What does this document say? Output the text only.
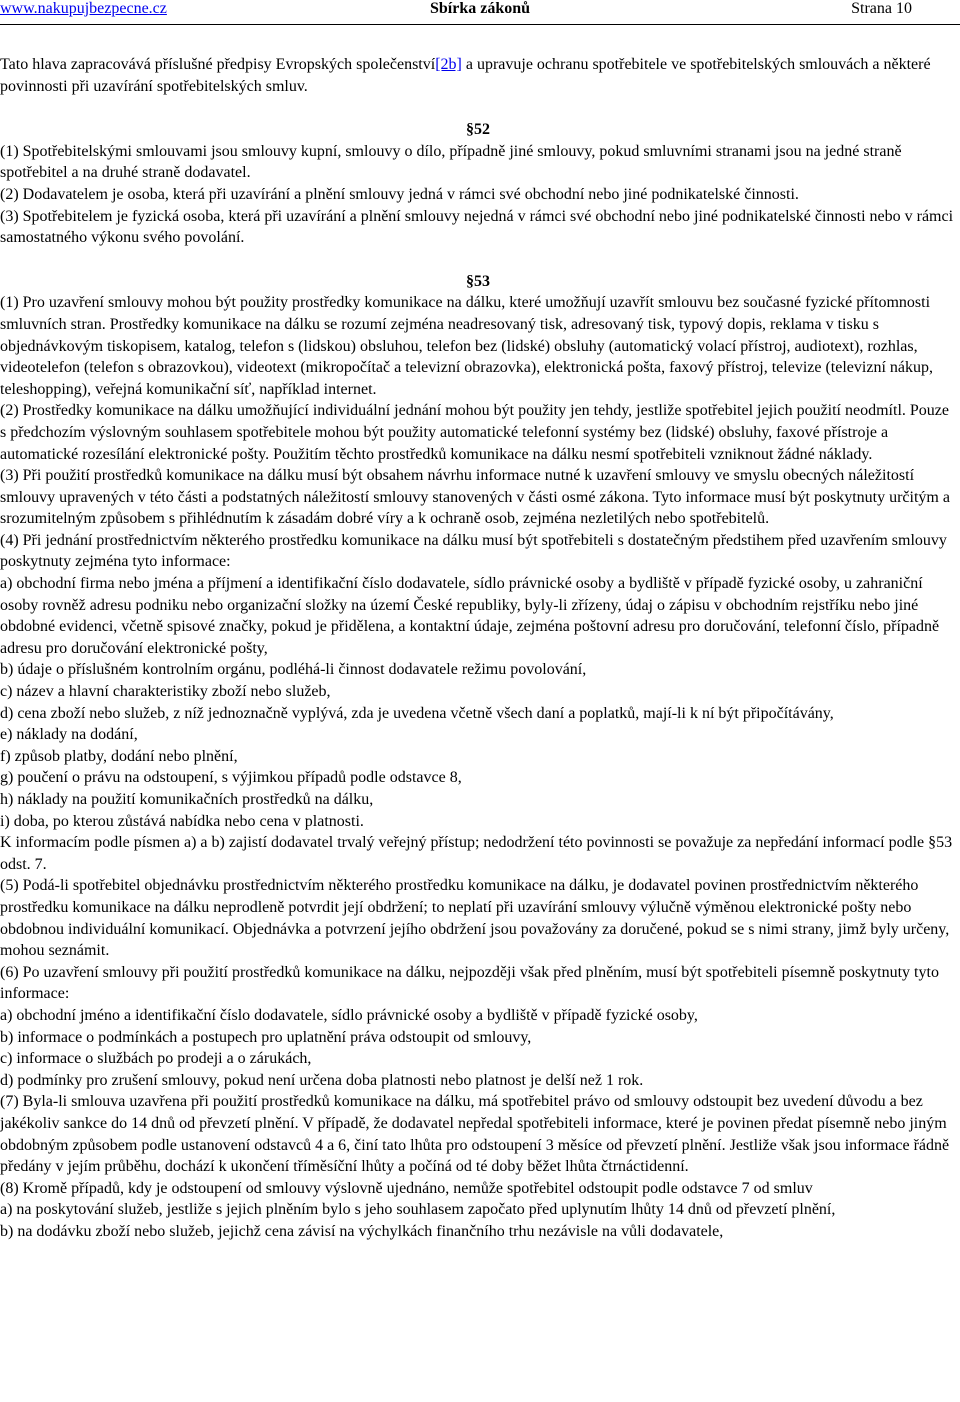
www.nakupujbezpecne.cz	Sbírka zákonů	Strana 10

Tato hlava zapracovává příslušné předpisy Evropských společenství[2b] a upravuje ochranu spotřebitele ve spotřebitelských smlouvách a některé povinnosti při uzavírání spotřebitelských smluv.

§52

(1) Spotřebitelskými smlouvami jsou smlouvy kupní, smlouvy o dílo, případně jiné smlouvy, pokud smluvními stranami jsou na jedné straně spotřebitel a na druhé straně dodavatel.

(2) Dodavatelem je osoba, která při uzavírání a plnění smlouvy jedná v rámci své obchodní nebo jiné podnikatelské činnosti.

(3) Spotřebitelem je fyzická osoba, která při uzavírání a plnění smlouvy nejedná v rámci své obchodní nebo jiné podnikatelské činnosti nebo v rámci samostatného výkonu svého povolání.

§53

(1) Pro uzavření smlouvy mohou být použity prostředky komunikace na dálku, které umožňují uzavřít smlouvu bez současné fyzické přítomnosti smluvních stran. Prostředky komunikace na dálku se rozumí zejména neadresovaný tisk, adresovaný tisk, typový dopis, reklama v tisku s objednávkovým tiskopisem, katalog, telefon s (lidskou) obsluhou, telefon bez (lidské) obsluhy (automatický volací přístroj, audiotext), rozhlas, videotelefon (telefon s obrazovkou), videotext (mikropočítač a televizní obrazovka), elektronická pošta, faxový přístroj, televize (televizní nákup, teleshopping), veřejná komunikační síť, například internet.

(2) Prostředky komunikace na dálku umožňující individuální jednání mohou být použity jen tehdy, jestliže spotřebitel jejich použití neodmítl. Pouze s předchozím výslovným souhlasem spotřebitele mohou být použity automatické telefonní systémy bez (lidské) obsluhy, faxové přístroje a automatické rozesílání elektronické pošty. Použitím těchto prostředků komunikace na dálku nesmí spotřebiteli vzniknout žádné náklady.

(3) Při použití prostředků komunikace na dálku musí být obsahem návrhu informace nutné k uzavření smlouvy ve smyslu obecných náležitostí smlouvy upravených v této části a podstatných náležitostí smlouvy stanovených v části osmé zákona. Tyto informace musí být poskytnuty určitým a srozumitelným způsobem s přihlédnutím k zásadám dobré víry a k ochraně osob, zejména nezletilých nebo spotřebitelů.

(4) Při jednání prostřednictvím některého prostředku komunikace na dálku musí být spotřebiteli s dostatečným předstihem před uzavřením smlouvy poskytnuty zejména tyto informace:

a) obchodní firma nebo jména a příjmení a identifikační číslo dodavatele, sídlo právnické osoby a bydliště v případě fyzické osoby, u zahraniční osoby rovněž adresu podniku nebo organizační složky na území České republiky, byly-li zřízeny, údaj o zápisu v obchodním rejstříku nebo jiné obdobné evidenci, včetně spisové značky, pokud je přidělena, a kontaktní údaje, zejména poštovní adresu pro doručování, telefonní číslo, případně adresu pro doručování elektronické pošty,

b) údaje o příslušném kontrolním orgánu, podléhá-li činnost dodavatele režimu povolování,

c) název a hlavní charakteristiky zboží nebo služeb,

d) cena zboží nebo služeb, z níž jednoznačně vyplývá, zda je uvedena včetně všech daní a poplatků, mají-li k ní být připočítávány,

e) náklady na dodání,

f) způsob platby, dodání nebo plnění,

g) poučení o právu na odstoupení, s výjimkou případů podle odstavce 8,

h) náklady na použití komunikačních prostředků na dálku,

i) doba, po kterou zůstává nabídka nebo cena v platnosti.

K informacím podle písmen a) a b) zajistí dodavatel trvalý veřejný přístup; nedodržení této povinnosti se považuje za nepředání informací podle §53 odst. 7.

(5) Podá-li spotřebitel objednávku prostřednictvím některého prostředku komunikace na dálku, je dodavatel povinen prostřednictvím některého prostředku komunikace na dálku neprodleně potvrdit její obdržení; to neplatí při uzavírání smlouvy výlučně výměnou elektronické pošty nebo obdobnou individuální komunikací. Objednávka a potvrzení jejího obdržení jsou považovány za doručené, pokud se s nimi strany, jimž byly určeny, mohou seznámit.

(6) Po uzavření smlouvy při použití prostředků komunikace na dálku, nejpozději však před plněním, musí být spotřebiteli písemně poskytnuty tyto informace:

a) obchodní jméno a identifikační číslo dodavatele, sídlo právnické osoby a bydliště v případě fyzické osoby,

b) informace o podmínkách a postupech pro uplatnění práva odstoupit od smlouvy,

c) informace o službách po prodeji a o zárukách,

d) podmínky pro zrušení smlouvy, pokud není určena doba platnosti nebo platnost je delší než 1 rok.

(7) Byla-li smlouva uzavřena při použití prostředků komunikace na dálku, má spotřebitel právo od smlouvy odstoupit bez uvedení důvodu a bez jakékoliv sankce do 14 dnů od převzetí plnění. V případě, že dodavatel nepředal spotřebiteli informace, které je povinen předat písemně nebo jiným obdobným způsobem podle ustanovení odstavců 4 a 6, činí tato lhůta pro odstoupení 3 měsíce od převzetí plnění. Jestliže však jsou informace řádně předány v jejím průběhu, dochází k ukončení tříměsíční lhůty a počíná od té doby běžet lhůta čtrnáctidenní.

(8) Kromě případů, kdy je odstoupení od smlouvy výslovně ujednáno, nemůže spotřebitel odstoupit podle odstavce 7 od smluv

a) na poskytování služeb, jestliže s jejich plněním bylo s jeho souhlasem započato před uplynutím lhůty 14 dnů od převzetí plnění,

b) na dodávku zboží nebo služeb, jejichž cena závisí na výchylkách finančního trhu nezávisle na vůli dodavatele,
